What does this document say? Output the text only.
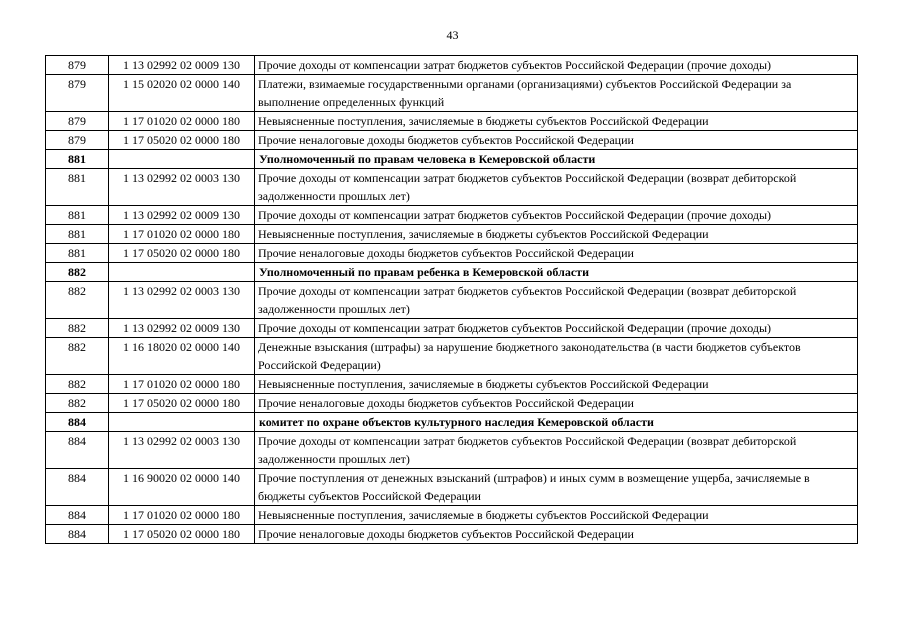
43
879	1 13 02992 02 0009 130	Прочие доходы от компенсации затрат бюджетов субъектов Российской Федерации (прочие доходы)
879	1 15 02020 02 0000 140	Платежи, взимаемые государственными органами (организациями) субъектов Российской Федерации за выполнение определенных функций
879	1 17 01020 02 0000 180	Невыясненные поступления, зачисляемые в бюджеты субъектов Российской Федерации
879	1 17 05020 02 0000 180	Прочие неналоговые доходы бюджетов субъектов Российской Федерации
881		Уполномоченный по правам человека в Кемеровской области
881	1 13 02992 02 0003 130	Прочие доходы от компенсации затрат бюджетов субъектов Российской Федерации (возврат дебиторской задолженности прошлых лет)
881	1 13 02992 02 0009 130	Прочие доходы от компенсации затрат бюджетов субъектов Российской Федерации (прочие доходы)
881	1 17 01020 02 0000 180	Невыясненные поступления, зачисляемые в бюджеты субъектов Российской Федерации
881	1 17 05020 02 0000 180	Прочие неналоговые доходы бюджетов субъектов Российской Федерации
882		Уполномоченный по правам ребенка в Кемеровской области
882	1 13 02992 02 0003 130	Прочие доходы от компенсации затрат бюджетов субъектов Российской Федерации (возврат дебиторской задолженности прошлых лет)
882	1 13 02992 02 0009 130	Прочие доходы от компенсации затрат бюджетов субъектов Российской Федерации (прочие доходы)
882	1 16 18020 02 0000 140	Денежные взыскания (штрафы) за нарушение бюджетного законодательства (в части бюджетов субъектов Российской Федерации)
882	1 17 01020 02 0000 180	Невыясненные поступления, зачисляемые в бюджеты субъектов Российской Федерации
882	1 17 05020 02 0000 180	Прочие неналоговые доходы бюджетов субъектов Российской Федерации
884		комитет по охране объектов культурного наследия Кемеровской области
884	1 13 02992 02 0003 130	Прочие доходы от компенсации затрат бюджетов субъектов Российской Федерации (возврат дебиторской задолженности прошлых лет)
884	1 16 90020 02 0000 140	Прочие поступления от денежных взысканий (штрафов) и иных сумм в возмещение ущерба, зачисляемые в бюджеты субъектов Российской Федерации
884	1 17 01020 02 0000 180	Невыясненные поступления, зачисляемые в бюджеты субъектов Российской Федерации
884	1 17 05020 02 0000 180	Прочие неналоговые доходы бюджетов субъектов Российской Федерации
